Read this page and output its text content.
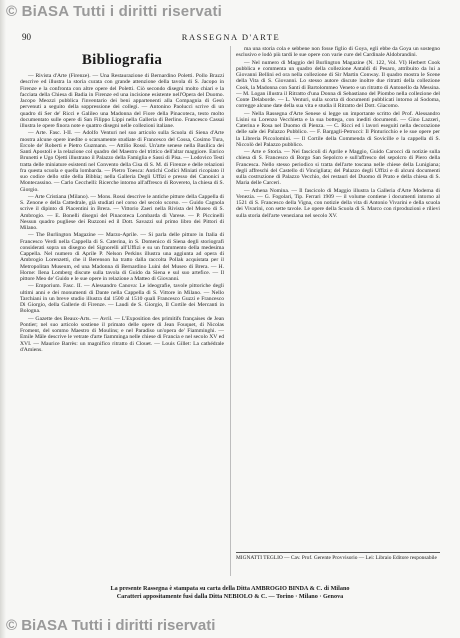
© BiASA Tutti i diritti riservati
90	RASSEGNA D'ARTE
Bibliografia

— Rivista d'Arte (Firenze). — Una Restaurazione di Bernardino Poletti. Pollo Brazzi descrive ed illustra la storia curata con grande attenzione della tavola di S. Jacopo in Firenze e la confronta con altre opere del Poletti. Ciò secondo disegni molto chiari e la facciata della Chiesa di Badia in Firenze ed una incisione esistente nell'Opera del Duomo. Jacopo Meozzi pubblica l'inventario dei beni appartenenti alla Compagnia di Gesù pervenuti a seguito della soppressione dei collegi. — Antonino Paolucci scrive di un quadro di Ser de' Ricci e Galileo una Madonna del Fiore della Pinacoteca, testo molto documentato sulle opere di San Filippo Lippi nella Galleria di Berlino. Francesco Cassai illustra le opere finora note e quattro disegni nelle collezioni italiane.

— Arte. Fasc. I-II. — Adolfo Venturi nel suo articolo sulla Scuola di Siena d'Arte mostra alcune opere inedite o scarsamente studiate di Francesco del Cossa, Cosimo Tura, Ercole de' Roberti e Pietro Guzmann. — Attilio Rossi. Un'arte senese nella Basilica dei Santi Apostoli e la relazione col quadro del Maestro del trittico dell'altar maggiore. Enrico Brunetti e Ugo Ojetti illustrano il Palazzo della Famiglia e Sassi di Pisa. — Lodovico Testi tratta delle miniature esistenti nel Convento della Cisa di S. M. di Firenze e delle relazioni fra questa scuola e quella lombarda. — Pietro Toesca: Antichi Codici Miniati ricopiato il suo codice dello stile della Bibbia; nella Galleria Degli Uffizi e presso dei Canonici a Montecassino. — Carlo Cecchelli: Ricerche intorno all'affresco di Rovereto, la chiesa di S. Giorgio.

— Arte Cristiana (Milano). — Mons. Rossi descrive le antiche pitture della Cappella di S. Zenone e della Cattedrale, già studiati nel corso del secolo scorso. — Guido Cagnola scrive il dipinto di Piacentini in Brera. — Vittorio Zaeri nella Rivista del Museo di S. Ambrogio. — E. Bonelli disegni del Pinacoteca Lombarda di Varese. — P. Piccinelli Nessun quadro pugliese dei Ruzzoni ed il Dott. Savazzi sul primo libro dei Pittori di Milano.

— The Burlington Magazine — Marzo-Aprile. — Si parla delle pitture in Italia di Francesco Verdi nella Cappella di S. Caterina, in S. Domenico di Siena degli storiografi considerati sopra un disegno del Signorelli all'Uffizi e su un frammento della medesima Cappella. Nel numero di Aprile P. Nelson Perkins illustra una aggiunta ad opera di Ambrogio Lorenzetti, che il Berenson ha tratto dalla raccolta Pollak acquistata per il Metropolitan Museum, ed una Madonna di Bernardino Luini del Museo di Brera. — H. Horne: Ilena Lomberg discute sulla tavola di Guido da Siena e sul suo artefice. — Il pittore Meo de' Guido e le sue opere in relazione a Matteo di Giovanni.

— Emporium. Fasc. II. — Alessandro Canova: Le ideografie, tavole pittoriche degli ultimi anni e dei monumenti di Dante nella Cappella di S. Vittore in Milano. — Nello Tarchiani in un breve studio illustra dal 1500 al 1510 quali Francesco Guzzi e Francesco Di Giorgio, della Gallerie di Firenze. — Laudi de S. Giorgio, Il Cortile dei Mercanti in Bologna.

— Gazette des Beaux-Arts. — Avril. — L'Exposition des primitifs françaises de Jean Pontier; nel suo articolo sostiene il primato delle opere di Jean Fouquet, di Nicolas Froment, del sommo Maestro di Moulins; e nel Paradiso un'opera de' Fiamminghi. — Emile Mâle descrive le vetrate d'arte fiamminga nelle chiese di Francia e nel secolo XV ed XVI. — Maurice Barrès: un magnifico ritratto di Clouet. — Louis Gillet: La cathédrale d'Amiens.

ma una storia cola e sebbene non fosse figlio di Goya, egli ebbe da Goya un sostegno esclusivo e lodò più tardi le sue opere con varie cure del Cardinale Aldobrandini.

— Nel numero di Maggio del Burlington Magazine (N. 122, Vol. VI) Herbert Cook pubblica e commenta un quadro della collezione Antaldi di Pesaro, attribuito da lui a Giovanni Bellini ed ora nella collezione di Sir Martin Conway. Il quadro mostra le Scene della Vita di S. Giovanni. Lo stesso autore discute inoltre due ritratti della collezione Cook, la Madonna con Santi di Bartolommeo Veneto e un ritratto di Antonello da Messina. — M. Logan illustra il Ritratto d'una Donna di Sebastiano del Piombo nella collezione del Conte Delaborde. — L. Venturi, sulla scorta di documenti pubblicati intorno al Sodoma, corregge alcune date della sua vita e studia il Ritratto del Dott. Giacomo.

— Nella Rassegna d'Arte Senese si legge un importante scritto del Prof. Alessandro Lisini su Lorenzo Vecchietta e la sua bottega, con inediti documenti. — Gino Lazzeri, Caterina e Rosa nel Duomo di Pienza. — C. Ricci ed i lavori eseguiti nella decorazione delle sale dei Palazzo Pubblico. — F. Bargagli-Petrucci: Il Pinturicchio e le sue opere per la Libreria Piccolomini. — Il Cortile della Commenda di Sovicille e la cappella di S. Niccolò del Palazzo pubblico.

— Arte e Storia. — Nei fascicoli di Aprile e Maggio, Guido Carocci dà notizie sulla chiesa di S. Francesco di Borgo San Sepolcro e sull'affresco del sepolcro di Piero della Francesca. Nello stesso periodico si tratta dell'arte toscana nelle chiese della Lunigiana; degli affreschi del Castello di Vincigliata; del Palazzo degli Uffizi e di alcuni documenti sulla costruzione di Palazzo Vecchio, dei restauri del Duomo di Prato e della chiesa di S. Maria delle Carceri.

— Athena Nomina. — Il fascicolo di Maggio illustra la Galleria d'Arte Moderna di Venezia. — G. Fogolari, Tip. Ferrari 1909 — il volume contiene i documenti intorno al 1521 di S. Francesco della Vigna, con notizie della vita di Antonio Vivarini e della scuola dei Vivarini, con sette tavole. Le opere della Scuola di S. Marco con riproduzioni e rilievi sulla storia dell'arte veneziana nel secolo XV.

MIGNATTI TEGLIO — Cav. Prof. Gerente Provvisorio — Lei: Libraio Editore responsabile
La presente Rassegna è stampata su carta della Ditta AMBROGIO BINDA & C. di Milano
Caratteri appositamente fusi dalla Ditta NEBIOLO & C. — Torino · Milano · Genova
© BiASA Tutti i diritti riservati
